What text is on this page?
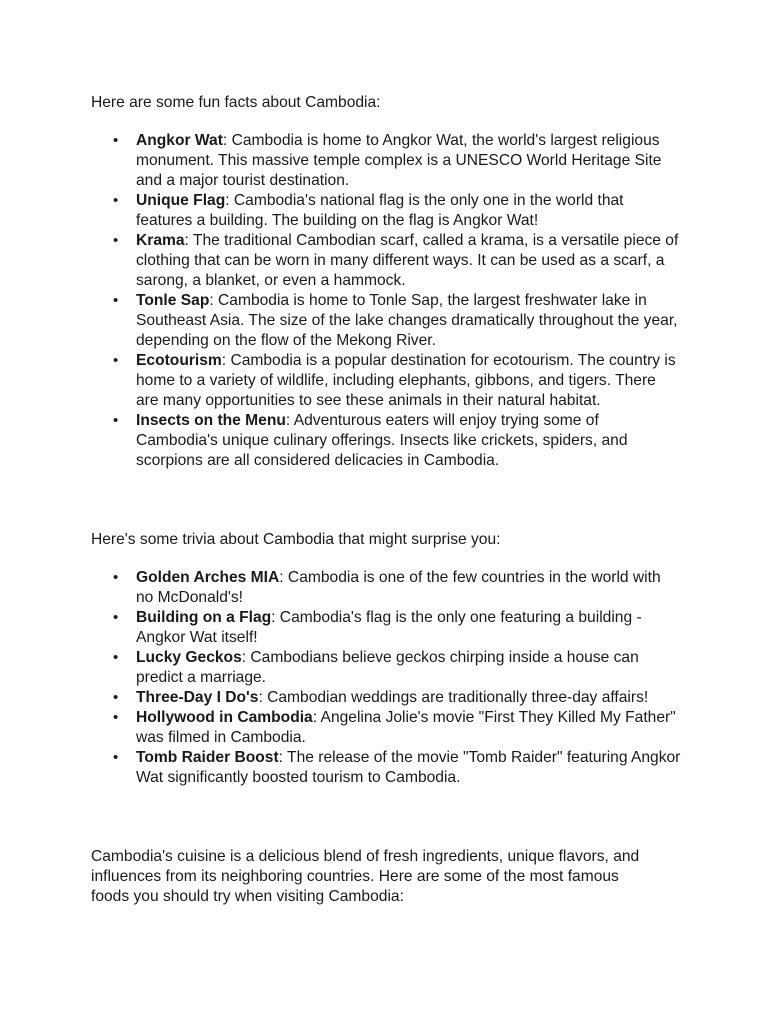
Here are some fun facts about Cambodia:

• Angkor Wat: Cambodia is home to Angkor Wat, the world's largest religious monument. This massive temple complex is a UNESCO World Heritage Site and a major tourist destination.
• Unique Flag: Cambodia's national flag is the only one in the world that features a building. The building on the flag is Angkor Wat!
• Krama: The traditional Cambodian scarf, called a krama, is a versatile piece of clothing that can be worn in many different ways. It can be used as a scarf, a sarong, a blanket, or even a hammock.
• Tonle Sap: Cambodia is home to Tonle Sap, the largest freshwater lake in Southeast Asia. The size of the lake changes dramatically throughout the year, depending on the flow of the Mekong River.
• Ecotourism: Cambodia is a popular destination for ecotourism. The country is home to a variety of wildlife, including elephants, gibbons, and tigers. There are many opportunities to see these animals in their natural habitat.
• Insects on the Menu: Adventurous eaters will enjoy trying some of Cambodia's unique culinary offerings. Insects like crickets, spiders, and scorpions are all considered delicacies in Cambodia.

Here's some trivia about Cambodia that might surprise you:

• Golden Arches MIA: Cambodia is one of the few countries in the world with no McDonald's!
• Building on a Flag: Cambodia's flag is the only one featuring a building - Angkor Wat itself!
• Lucky Geckos: Cambodians believe geckos chirping inside a house can predict a marriage.
• Three-Day I Do's: Cambodian weddings are traditionally three-day affairs!
• Hollywood in Cambodia: Angelina Jolie's movie "First They Killed My Father" was filmed in Cambodia.
• Tomb Raider Boost: The release of the movie "Tomb Raider" featuring Angkor Wat significantly boosted tourism to Cambodia.

Cambodia's cuisine is a delicious blend of fresh ingredients, unique flavors, and influences from its neighboring countries. Here are some of the most famous foods you should try when visiting Cambodia:
